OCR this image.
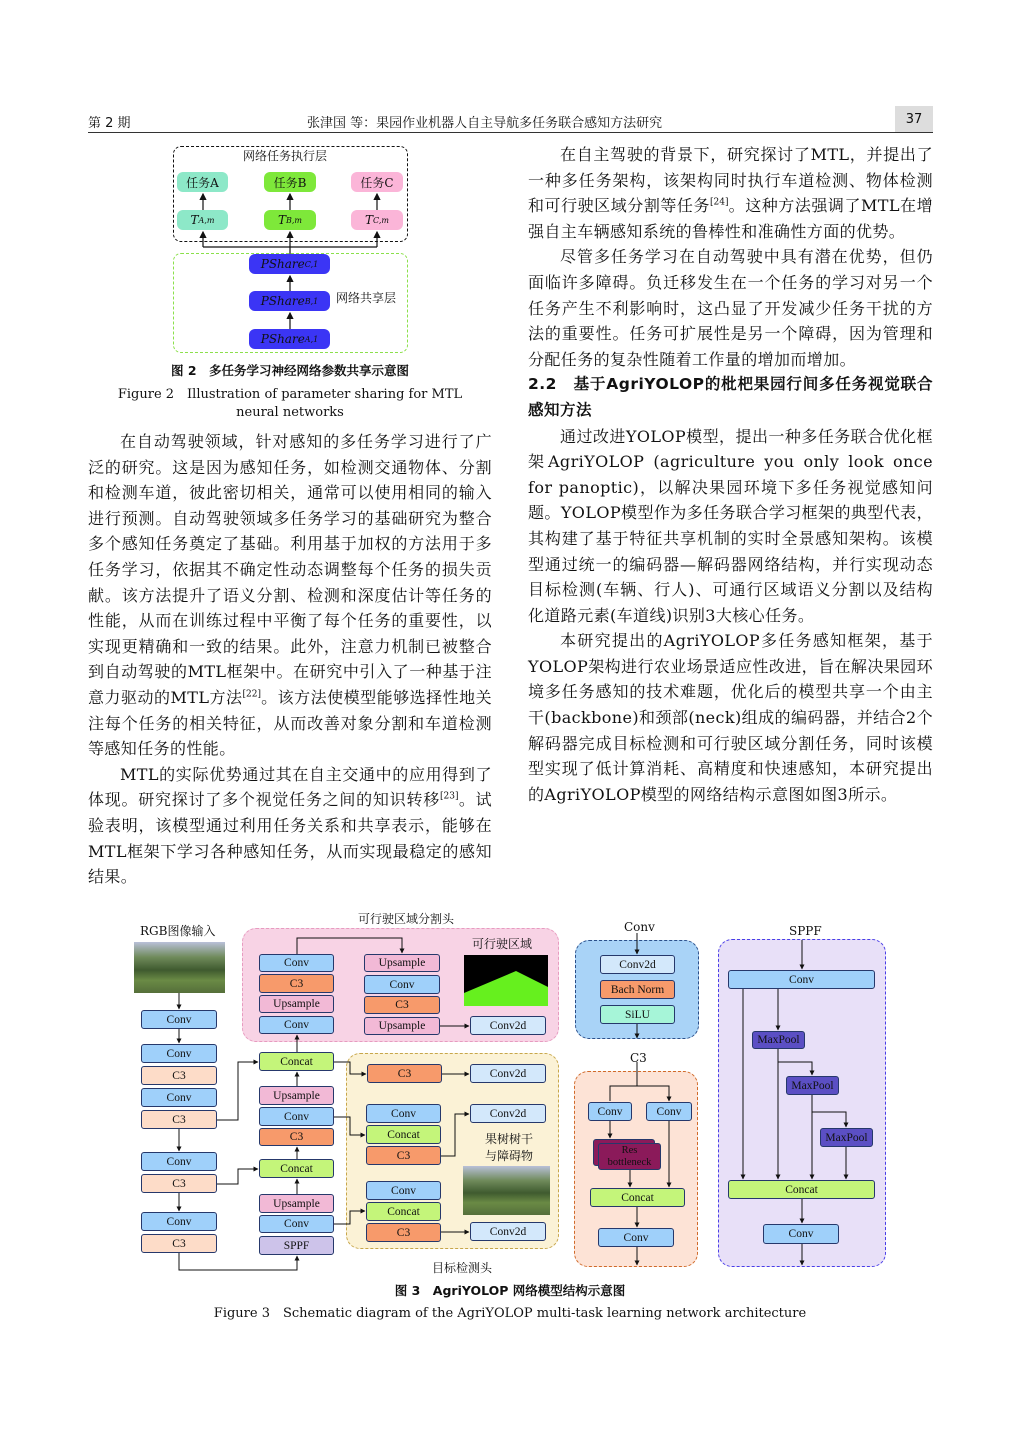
第 2 期	张津国 等：果园作业机器人自主导航多任务联合感知方法研究	37
网络任务执行层
网络共享层
任务A	任务B	任务C
T A,m	T B,m	T C,m
PShare C,1
PShare B,1
PShare A,1
图 2　多任务学习神经网络参数共享示意图
Figure 2　Illustration of parameter sharing for MTL
neural networks

在自动驾驶领域，针对感知的多任务学习进行了广泛的研究。这是因为感知任务，如检测交通物体、分割和检测车道，彼此密切相关，通常可以使用相同的输入进行预测。自动驾驶领域多任务学习的基础研究为整合多个感知任务奠定了基础。利用基于加权的方法用于多任务学习，依据其不确定性动态调整每个任务的损失贡献。该方法提升了语义分割、检测和深度估计等任务的性能，从而在训练过程中平衡了每个任务的重要性，以实现更精确和一致的结果。此外，注意力机制已被整合到自动驾驶的MTL框架中。在研究中引入了一种基于注意力驱动的MTL方法[22]。该方法使模型能够选择性地关注每个任务的相关特征，从而改善对象分割和车道检测等感知任务的性能。

MTL的实际优势通过其在自主交通中的应用得到了体现。研究探讨了多个视觉任务之间的知识转移[23]。试验表明，该模型通过利用任务关系和共享表示，能够在MTL框架下学习各种感知任务，从而实现最稳定的感知结果。

在自主驾驶的背景下，研究探讨了MTL，并提出了一种多任务架构，该架构同时执行车道检测、物体检测和可行驶区域分割等任务[24]。这种方法强调了MTL在增强自主车辆感知系统的鲁棒性和准确性方面的优势。

尽管多任务学习在自动驾驶中具有潜在优势，但仍面临许多障碍。负迁移发生在一个任务的学习对另一个任务产生不利影响时，这凸显了开发减少任务干扰的方法的重要性。任务可扩展性是另一个障碍，因为管理和分配任务的复杂性随着工作量的增加而增加。

2.2　基于AgriYOLOP的枇杷果园行间多任务视觉联合感知方法

通过改进YOLOP模型，提出一种多任务联合优化框架AgriYOLOP (agriculture you only look once for panoptic)，以解决果园环境下多任务视觉感知问题。YOLOP模型作为多任务联合学习框架的典型代表，其构建了基于特征共享机制的实时全景感知架构。该模型通过统一的编码器—解码器网络结构，并行实现动态目标检测(车辆、行人)、可通行区域语义分割以及结构化道路元素(车道线)识别3大核心任务。

本研究提出的AgriYOLOP多任务感知框架，基于YOLOP架构进行农业场景适应性改进，旨在解决果园环境多任务感知的技术难题，优化后的模型共享一个由主干(backbone)和颈部(neck)组成的编码器，并结合2个解码器完成目标检测和可行驶区域分割任务，同时该模型实现了低计算消耗、高精度和快速感知，本研究提出的AgriYOLOP模型的网络结构示意图如图3所示。

RGB图像输入
可行驶区域分割头
可行驶区域
果树树干
与障碍物
目标检测头
Conv
Conv
C3
Conv
C3
Conv
C3
Conv
C3
Concat
Upsample
Conv
C3
Concat
Upsample
Conv
SPPF
Conv
C3
Upsample
Conv
Upsample
Conv
C3
Upsample	Conv2d
C3	Conv2d
Conv
Concat
C3
Conv2d
Conv
Concat
C3	Conv2d
Conv
Conv2d
Bach Norm
SiLU
C3
Conv	Conv
Res bottleneck
Concat
Conv
SPPF
Conv
MaxPool
MaxPool
MaxPool
Concat
Conv
图 3　AgriYOLOP 网络模型结构示意图
Figure 3　Schematic diagram of the AgriYOLOP multi-task learning network architecture
